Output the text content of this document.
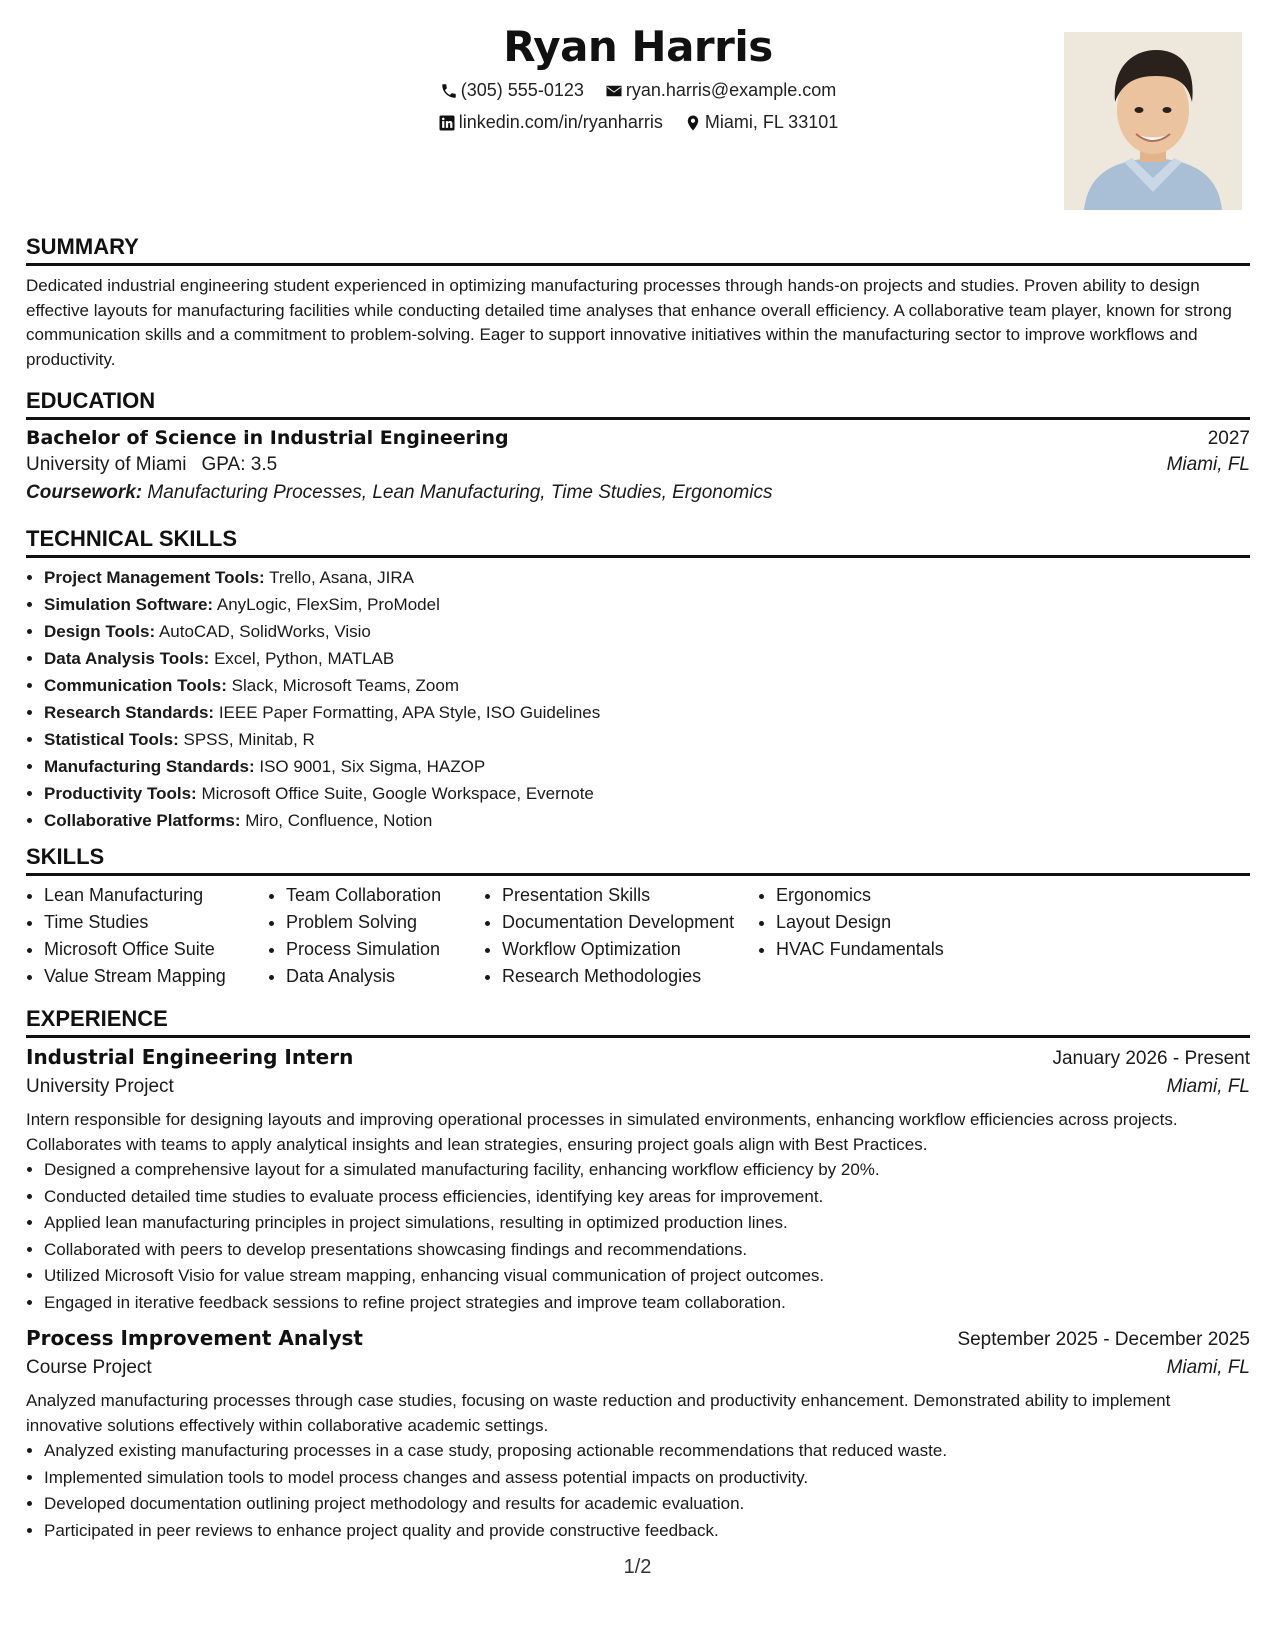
Ryan Harris
(305) 555-0123
ryan.harris@example.com
linkedin.com/in/ryanharris
Miami, FL 33101
SUMMARY

Dedicated industrial engineering student experienced in optimizing manufacturing processes through hands-on projects and studies. Proven ability to design effective layouts for manufacturing facilities while conducting detailed time analyses that enhance overall efficiency. A collaborative team player, known for strong communication skills and a commitment to problem-solving. Eager to support innovative initiatives within the manufacturing sector to improve workflows and productivity.

EDUCATION
Bachelor of Science in Industrial Engineering	2027
University of Miami GPA: 3.5	Miami, FL
Coursework: Manufacturing Processes, Lean Manufacturing, Time Studies, Ergonomics
TECHNICAL SKILLS
• Project Management Tools: Trello, Asana, JIRA
• Simulation Software: AnyLogic, FlexSim, ProModel
• Design Tools: AutoCAD, SolidWorks, Visio
• Data Analysis Tools: Excel, Python, MATLAB
• Communication Tools: Slack, Microsoft Teams, Zoom
• Research Standards: IEEE Paper Formatting, APA Style, ISO Guidelines
• Statistical Tools: SPSS, Minitab, R
• Manufacturing Standards: ISO 9001, Six Sigma, HAZOP
• Productivity Tools: Microsoft Office Suite, Google Workspace, Evernote
• Collaborative Platforms: Miro, Confluence, Notion
SKILLS
• Lean Manufacturing
• Time Studies
• Microsoft Office Suite
• Value Stream Mapping
• Team Collaboration
• Problem Solving
• Process Simulation
• Data Analysis
• Presentation Skills
• Documentation Development
• Workflow Optimization
• Research Methodologies
• Ergonomics
• Layout Design
• HVAC Fundamentals
EXPERIENCE
Industrial Engineering Intern	January 2026 - Present
University Project	Miami, FL

Intern responsible for designing layouts and improving operational processes in simulated environments, enhancing workflow efficiencies across projects. Collaborates with teams to apply analytical insights and lean strategies, ensuring project goals align with Best Practices.

• Designed a comprehensive layout for a simulated manufacturing facility, enhancing workflow efficiency by 20%.
• Conducted detailed time studies to evaluate process efficiencies, identifying key areas for improvement.
• Applied lean manufacturing principles in project simulations, resulting in optimized production lines.
• Collaborated with peers to develop presentations showcasing findings and recommendations.
• Utilized Microsoft Visio for value stream mapping, enhancing visual communication of project outcomes.
• Engaged in iterative feedback sessions to refine project strategies and improve team collaboration.
Process Improvement Analyst	September 2025 - December 2025
Course Project	Miami, FL

Analyzed manufacturing processes through case studies, focusing on waste reduction and productivity enhancement. Demonstrated ability to implement innovative solutions effectively within collaborative academic settings.

• Analyzed existing manufacturing processes in a case study, proposing actionable recommendations that reduced waste.
• Implemented simulation tools to model process changes and assess potential impacts on productivity.
• Developed documentation outlining project methodology and results for academic evaluation.
• Participated in peer reviews to enhance project quality and provide constructive feedback.
1/2
